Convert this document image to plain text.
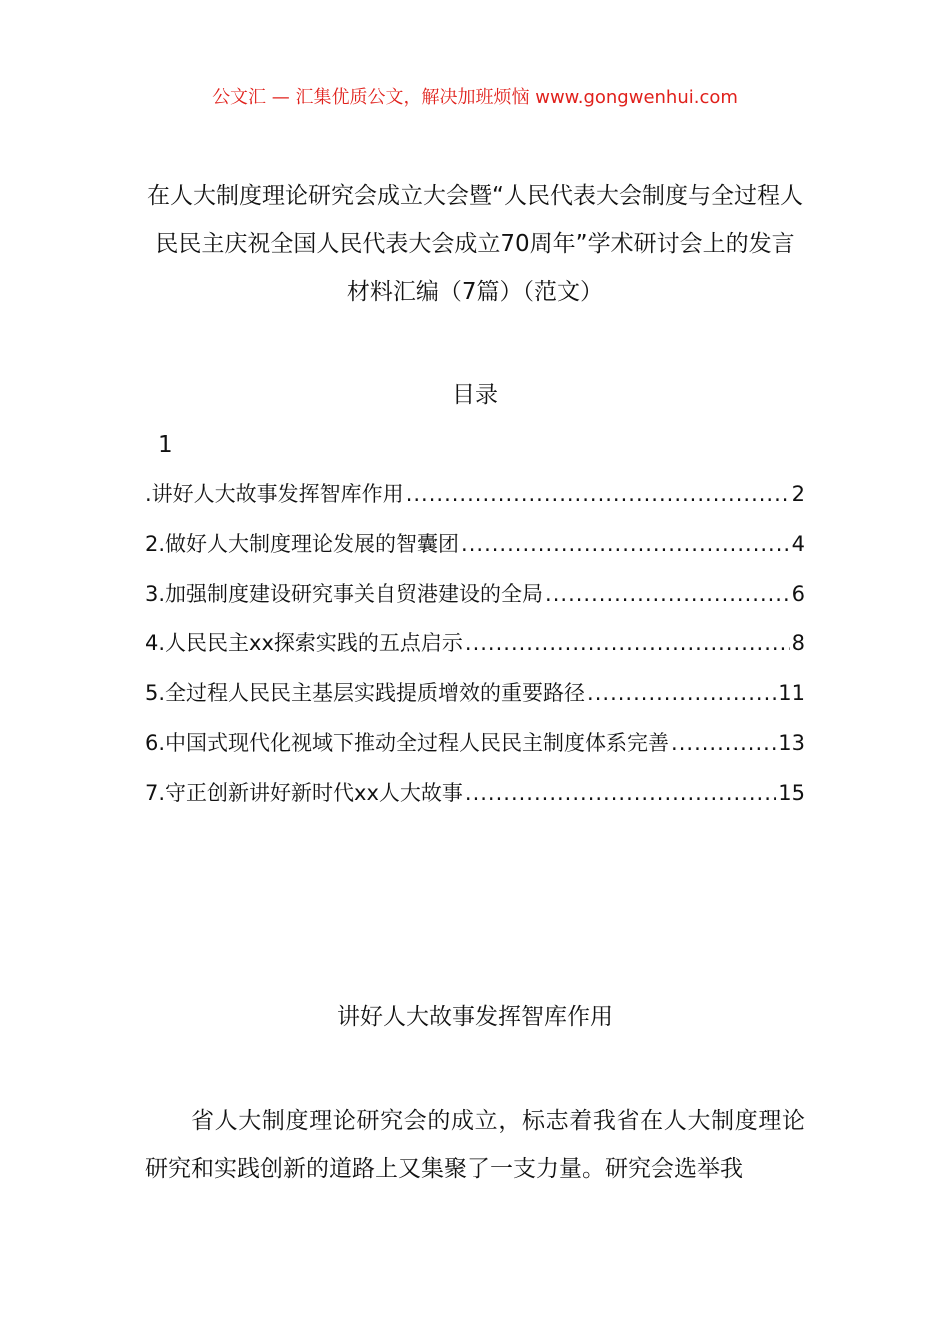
公文汇 — 汇集优质公文，解决加班烦恼 www.gongwenhui.com
在人大制度理论研究会成立大会暨“人民代表大会制度与全过程人民民主庆祝全国人民代表大会成立70周年”学术研讨会上的发言材料汇编（7篇）（范文）
目录
1
.讲好人大故事发挥智库作用 .....	2
2.做好人大制度理论发展的智囊团 .....	4
3.加强制度建设研究事关自贸港建设的全局 .....	6
4.人民民主xx探索实践的五点启示 .....	8
5.全过程人民民主基层实践提质增效的重要路径 .....	11
6.中国式现代化视域下推动全过程人民民主制度体系完善 .....	13
7.守正创新讲好新时代xx人大故事 .....	15
讲好人大故事发挥智库作用
省人大制度理论研究会的成立，标志着我省在人大制度理论研究和实践创新的道路上又集聚了一支力量。研究会选举我
